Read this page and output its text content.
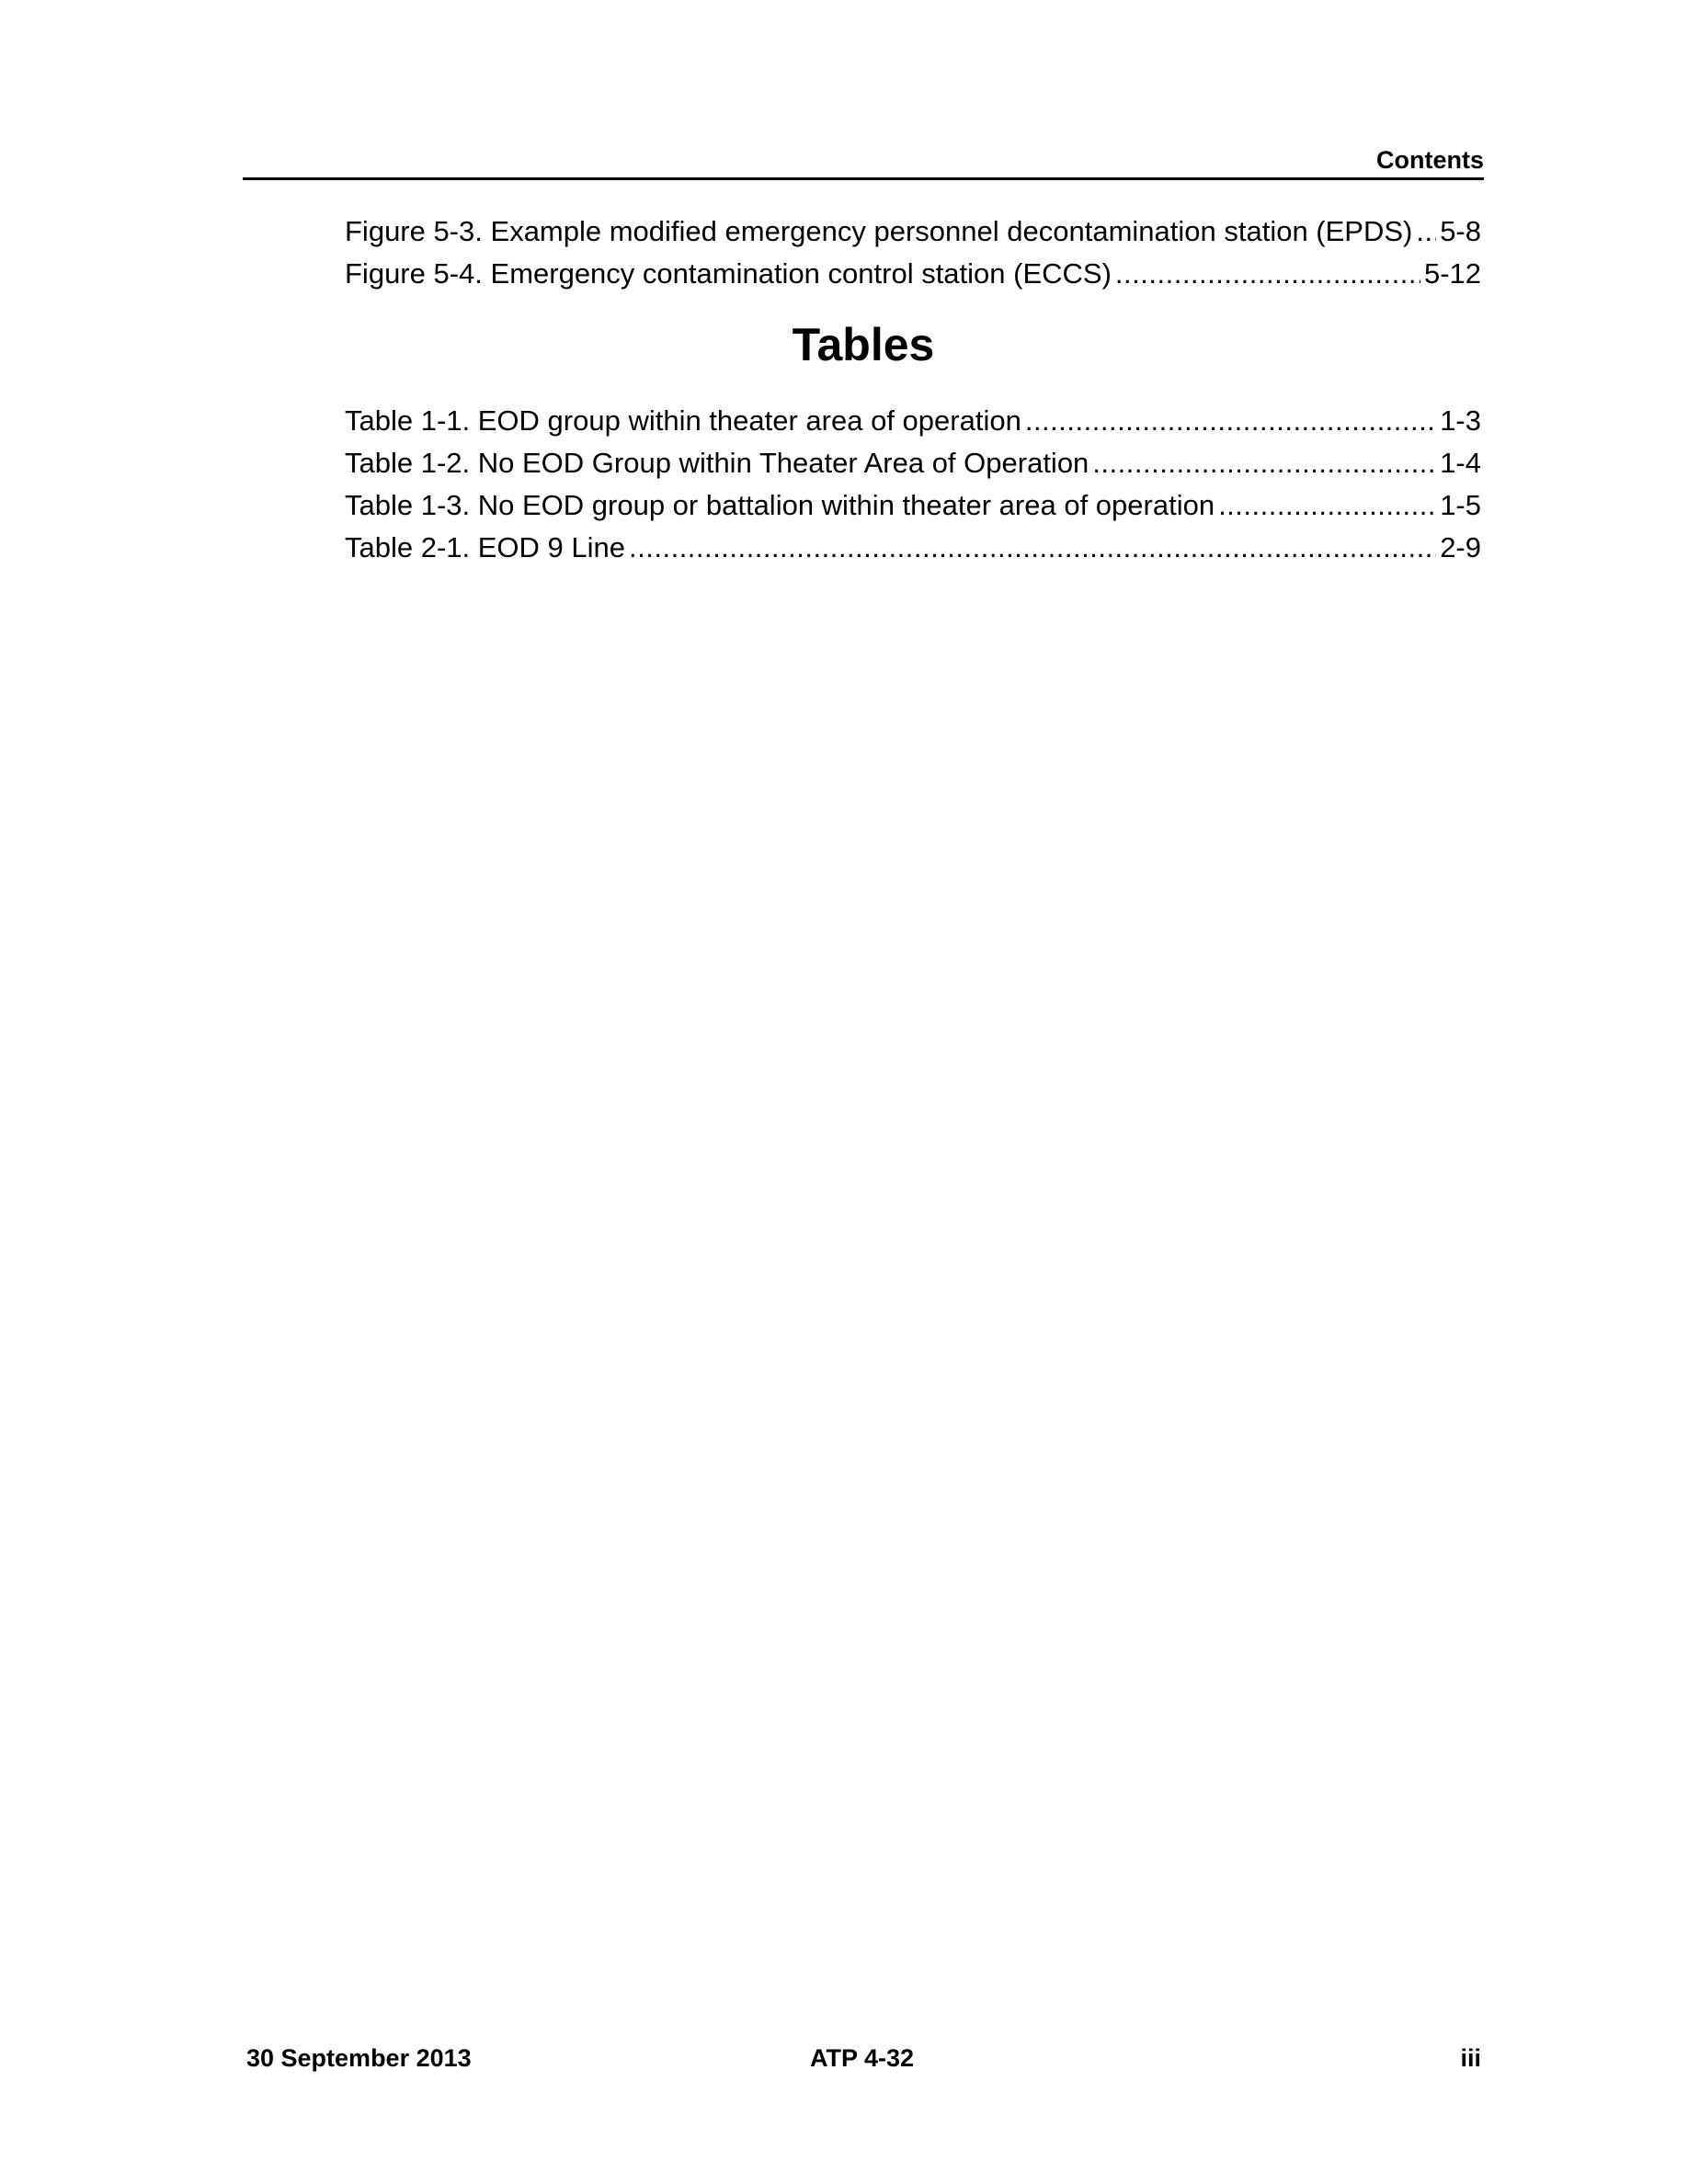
Contents
Figure 5-3. Example modified emergency personnel decontamination station (EPDS) ..... 5-8
Figure 5-4. Emergency contamination control station (ECCS) .....	5-12
Tables
Table 1-1. EOD group within theater area of operation .....	1-3
Table 1-2. No EOD Group within Theater Area of Operation .....	1-4
Table 1-3. No EOD group or battalion within theater area of operation .....	1-5
Table 2-1. EOD 9 Line .....	2-9
30 September 2013	ATP 4-32	iii
